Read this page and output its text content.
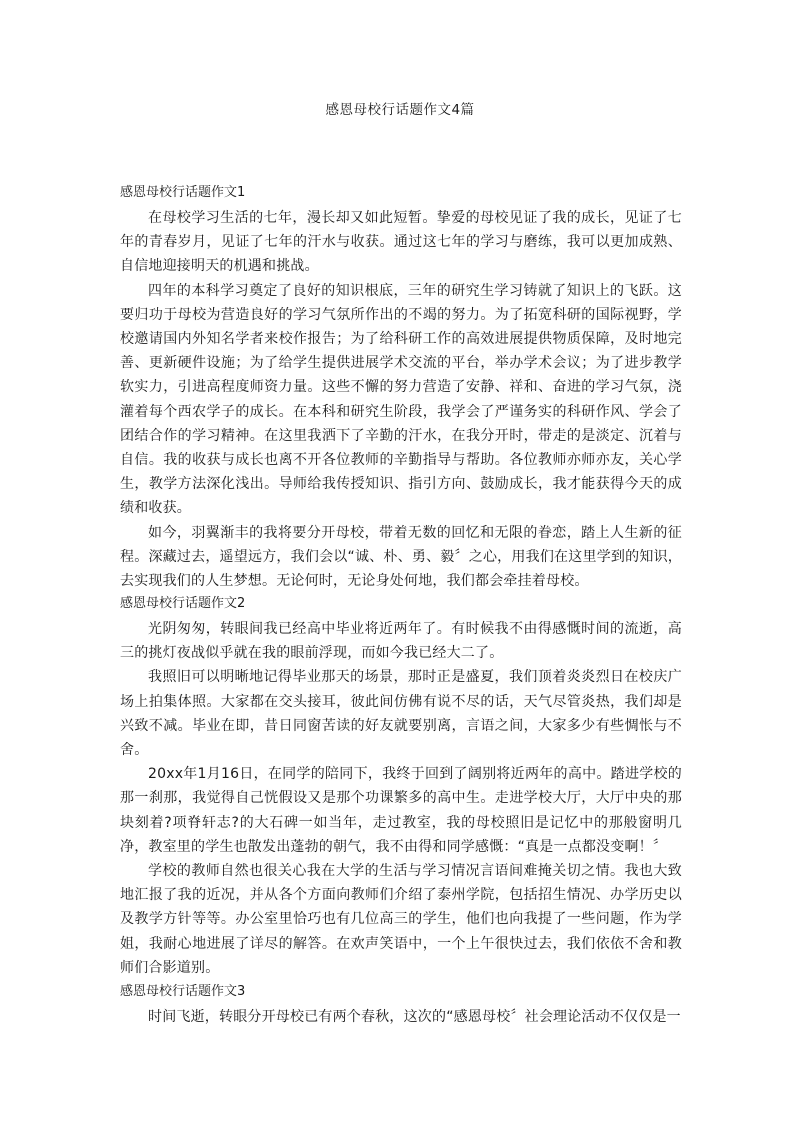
感恩母校行话题作文4篇
感恩母校行话题作文1

在母校学习生活的七年，漫长却又如此短暂。挚爱的母校见证了我的成长，见证了七年的青春岁月，见证了七年的汗水与收获。通过这七年的学习与磨练，我可以更加成熟、自信地迎接明天的机遇和挑战。

四年的本科学习奠定了良好的知识根底，三年的研究生学习铸就了知识上的飞跃。这要归功于母校为营造良好的学习气氛所作出的不竭的努力。为了拓宽科研的国际视野，学校邀请国内外知名学者来校作报告；为了给科研工作的高效进展提供物质保障，及时地完善、更新硬件设施；为了给学生提供进展学术交流的平台，举办学术会议；为了进步教学软实力，引进高程度师资力量。这些不懈的努力营造了安静、祥和、奋进的学习气氛，浇灌着每个西农学子的成长。在本科和研究生阶段，我学会了严谨务实的科研作风、学会了团结合作的学习精神。在这里我洒下了辛勤的汗水，在我分开时，带走的是淡定、沉着与自信。我的收获与成长也离不开各位教师的辛勤指导与帮助。各位教师亦师亦友，关心学生，教学方法深化浅出。导师给我传授知识、指引方向、鼓励成长，我才能获得今天的成绩和收获。

如今，羽翼渐丰的我将要分开母校，带着无数的回忆和无限的眷恋，踏上人生新的征程。深藏过去，遥望远方，我们会以“诚、朴、勇、毅〞之心，用我们在这里学到的知识，去实现我们的人生梦想。无论何时，无论身处何地，我们都会牵挂着母校。

感恩母校行话题作文2

光阴匆匆，转眼间我已经高中毕业将近两年了。有时候我不由得感慨时间的流逝，高三的挑灯夜战似乎就在我的眼前浮现，而如今我已经大二了。

我照旧可以明晰地记得毕业那天的场景，那时正是盛夏，我们顶着炎炎烈日在校庆广场上拍集体照。大家都在交头接耳，彼此间仿佛有说不尽的话，天气尽管炎热，我们却是兴致不减。毕业在即，昔日同窗苦读的好友就要别离，言语之间，大家多少有些惆怅与不舍。

20xx年1月16日，在同学的陪同下，我终于回到了阔别将近两年的高中。踏进学校的那一刹那，我觉得自己恍假设又是那个功课繁多的高中生。走进学校大厅，大厅中央的那块刻着?项脊轩志?的大石碑一如当年，走过教室，我的母校照旧是记忆中的那般窗明几净，教室里的学生也散发出蓬勃的朝气，我不由得和同学感慨：“真是一点都没变啊！〞

学校的教师自然也很关心我在大学的生活与学习情况言语间难掩关切之情。我也大致地汇报了我的近况，并从各个方面向教师们介绍了泰州学院，包括招生情况、办学历史以及教学方针等等。办公室里恰巧也有几位高三的学生，他们也向我提了一些问题，作为学姐，我耐心地进展了详尽的解答。在欢声笑语中，一个上午很快过去，我们依依不舍和教师们合影道别。

感恩母校行话题作文3

时间飞逝，转眼分开母校已有两个春秋，这次的“感恩母校〞社会理论活动不仅仅是一
